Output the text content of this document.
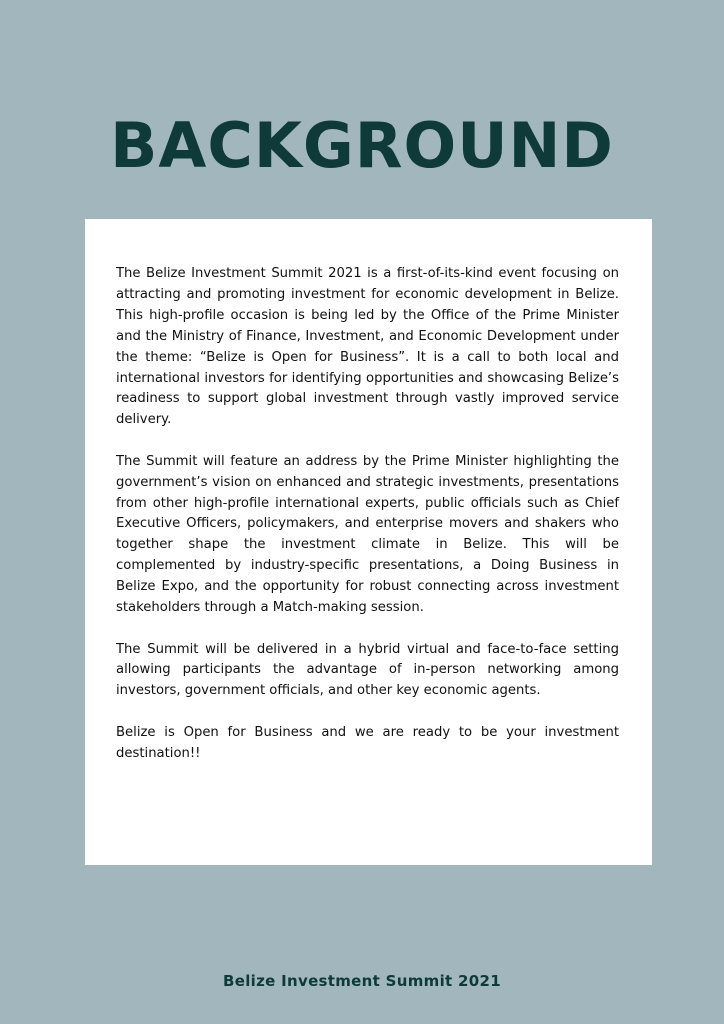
BACKGROUND

The Belize Investment Summit 2021 is a first-of-its-kind event focusing on attracting and promoting investment for economic development in Belize. This high-profile occasion is being led by the Office of the Prime Minister and the Ministry of Finance, Investment, and Economic Development under the theme: “Belize is Open for Business”. It is a call to both local and international investors for identifying opportunities and showcasing Belize’s readiness to support global investment through vastly improved service delivery.

The Summit will feature an address by the Prime Minister highlighting the government’s vision on enhanced and strategic investments, presentations from other high-profile international experts, public officials such as Chief Executive Officers, policymakers, and enterprise movers and shakers who together shape the investment climate in Belize. This will be complemented by industry-specific presentations, a Doing Business in Belize Expo, and the opportunity for robust connecting across investment stakeholders through a Match-making session.

The Summit will be delivered in a hybrid virtual and face-to-face setting allowing participants the advantage of in-person networking among investors, government officials, and other key economic agents.

Belize is Open for Business and we are ready to be your investment destination!!

Belize Investment Summit 2021
